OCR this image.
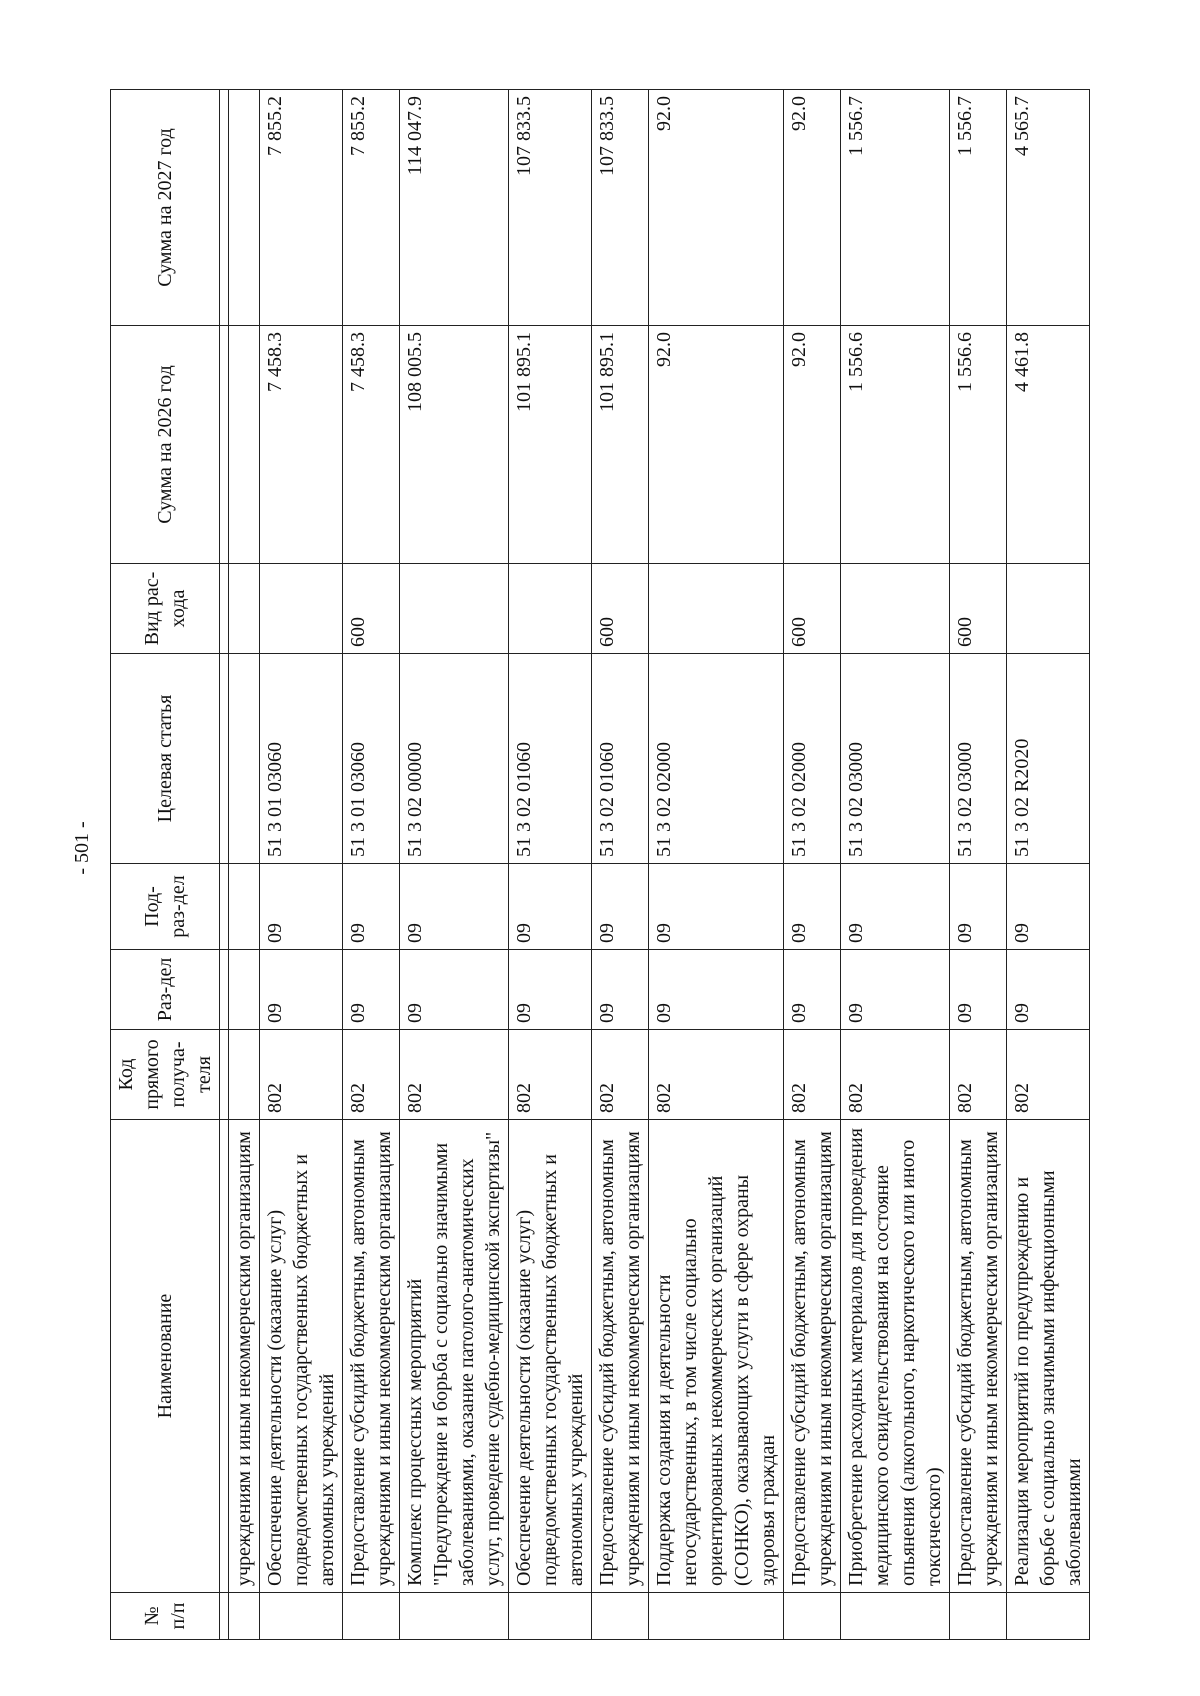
- 501 -
№ п/п	Наименование	Код прямого получа-теля	Раз-дел	Под-раз-дел	Целевая статья	Вид рас-хода	Сумма на 2026 год	Сумма на 2027 год

	учреждениям и иным некоммерческим организациям							
	Обеспечение деятельности (оказание услуг) подведомственных государственных бюджетных и автономных учреждений	802	09	09	51 3 01 03060		7 458.3	7 855.2
	Предоставление субсидий бюджетным, автономным учреждениям и иным некоммерческим организациям	802	09	09	51 3 01 03060	600	7 458.3	7 855.2
	Комплекс процессных мероприятий "Предупреждение и борьба с социально значимыми заболеваниями, оказание патолого-анатомических услуг, проведение судебно-медицинской экспертизы"	802	09	09	51 3 02 00000		108 005.5	114 047.9
	Обеспечение деятельности (оказание услуг) подведомственных государственных бюджетных и автономных учреждений	802	09	09	51 3 02 01060		101 895.1	107 833.5
	Предоставление субсидий бюджетным, автономным учреждениям и иным некоммерческим организациям	802	09	09	51 3 02 01060	600	101 895.1	107 833.5
	Поддержка создания и деятельности негосударственных, в том числе социально ориентированных некоммерческих организаций (СОНКО), оказывающих услуги в сфере охраны здоровья граждан	802	09	09	51 3 02 02000		92.0	92.0
	Предоставление субсидий бюджетным, автономным учреждениям и иным некоммерческим организациям	802	09	09	51 3 02 02000	600	92.0	92.0
	Приобретение расходных материалов для проведения медицинского освидетельствования на состояние опьянения (алкогольного, наркотического или иного токсического)	802	09	09	51 3 02 03000		1 556.6	1 556.7
	Предоставление субсидий бюджетным, автономным учреждениям и иным некоммерческим организациям	802	09	09	51 3 02 03000	600	1 556.6	1 556.7
	Реализация мероприятий по предупреждению и борьбе с социально значимыми инфекционными заболеваниями	802	09	09	51 3 02 R2020		4 461.8	4 565.7
